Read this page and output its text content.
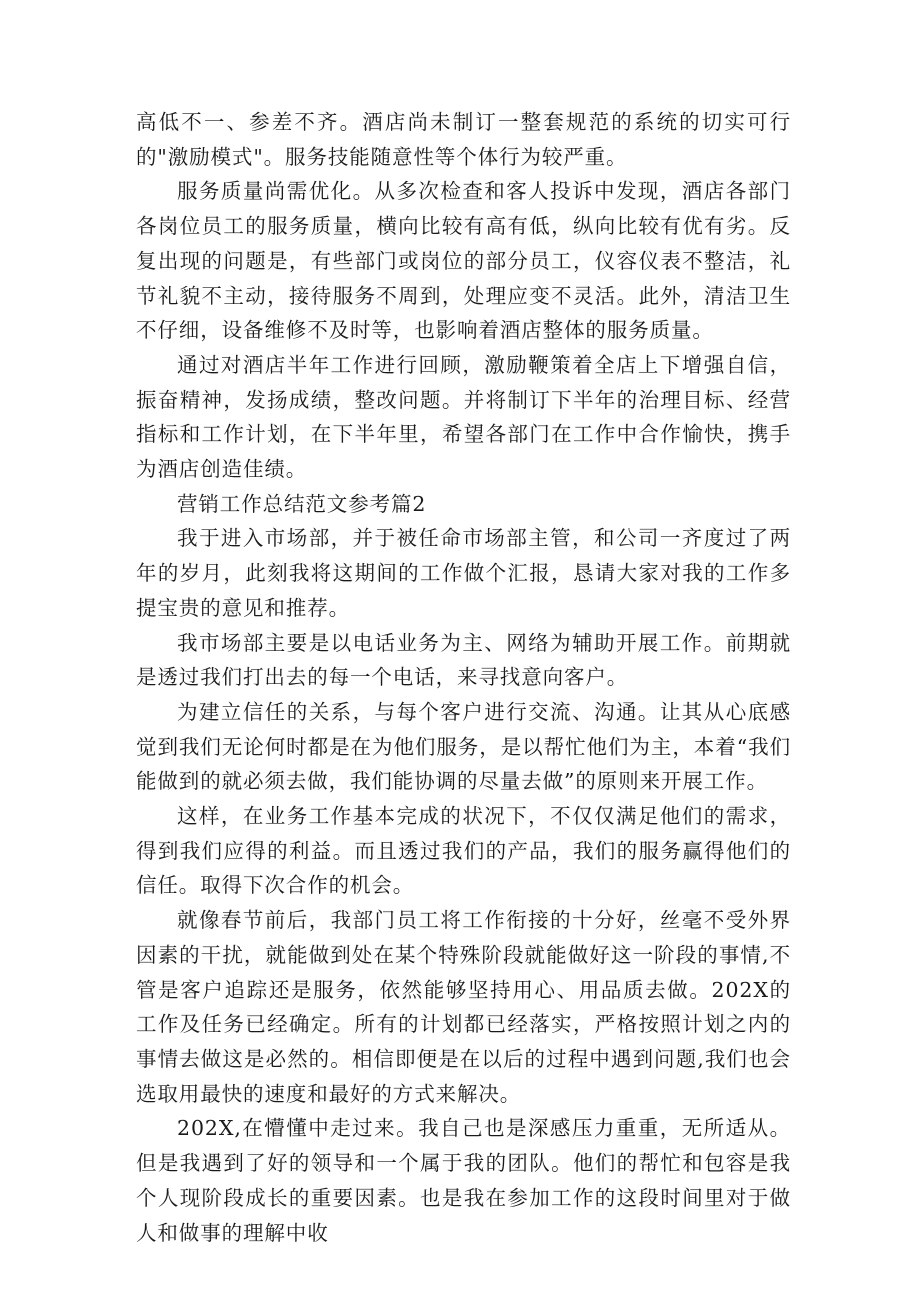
高低不一、参差不齐。酒店尚未制订一整套规范的系统的切实可行的"激励模式"。服务技能随意性等个体行为较严重。

服务质量尚需优化。从多次检查和客人投诉中发现，酒店各部门各岗位员工的服务质量，横向比较有高有低，纵向比较有优有劣。反复出现的问题是，有些部门或岗位的部分员工，仪容仪表不整洁，礼节礼貌不主动，接待服务不周到，处理应变不灵活。此外，清洁卫生不仔细，设备维修不及时等，也影响着酒店整体的服务质量。

通过对酒店半年工作进行回顾，激励鞭策着全店上下增强自信，振奋精神，发扬成绩，整改问题。并将制订下半年的治理目标、经营指标和工作计划，在下半年里，希望各部门在工作中合作愉快，携手为酒店创造佳绩。

营销工作总结范文参考篇2

我于进入市场部，并于被任命市场部主管，和公司一齐度过了两年的岁月，此刻我将这期间的工作做个汇报，恳请大家对我的工作多提宝贵的意见和推荐。

我市场部主要是以电话业务为主、网络为辅助开展工作。前期就是透过我们打出去的每一个电话，来寻找意向客户。

为建立信任的关系，与每个客户进行交流、沟通。让其从心底感觉到我们无论何时都是在为他们服务，是以帮忙他们为主，本着“我们能做到的就必须去做，我们能协调的尽量去做”的原则来开展工作。

这样，在业务工作基本完成的状况下，不仅仅满足他们的需求，得到我们应得的利益。而且透过我们的产品，我们的服务赢得他们的信任。取得下次合作的机会。

就像春节前后，我部门员工将工作衔接的十分好，丝毫不受外界因素的干扰，就能做到处在某个特殊阶段就能做好这一阶段的事情,不管是客户追踪还是服务，依然能够坚持用心、用品质去做。202X的工作及任务已经确定。所有的计划都已经落实，严格按照计划之内的事情去做这是必然的。相信即便是在以后的过程中遇到问题,我们也会选取用最快的速度和最好的方式来解决。

202X,在懵懂中走过来。我自己也是深感压力重重，无所适从。但是我遇到了好的领导和一个属于我的团队。他们的帮忙和包容是我个人现阶段成长的重要因素。也是我在参加工作的这段时间里对于做人和做事的理解中收
